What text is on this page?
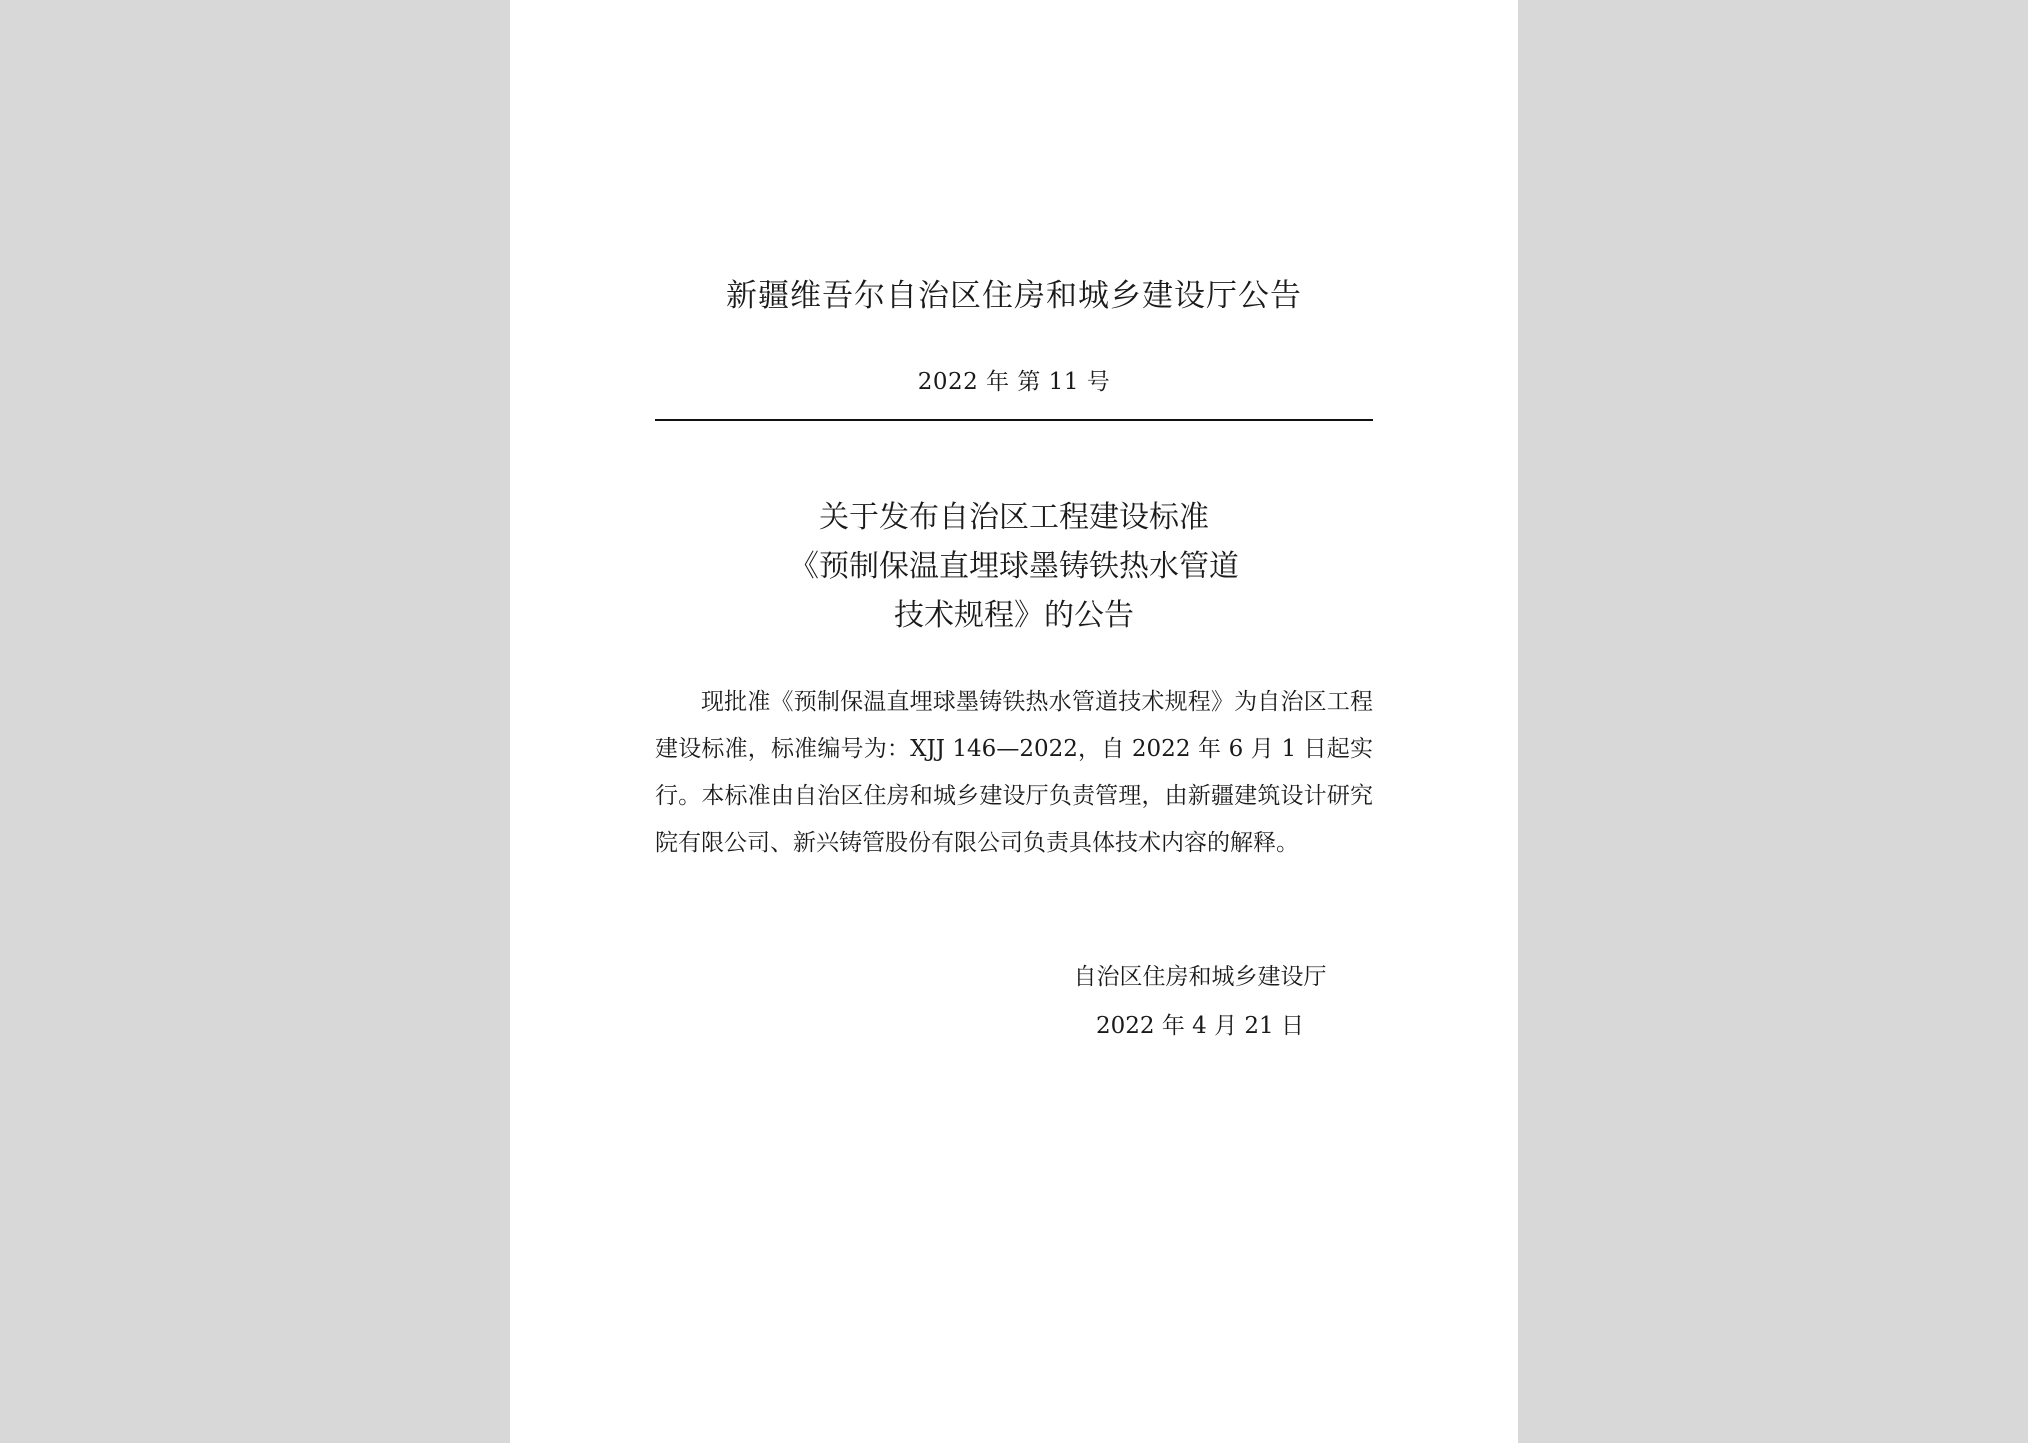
新疆维吾尔自治区住房和城乡建设厅公告
2022 年 第 11 号
关于发布自治区工程建设标准
《预制保温直埋球墨铸铁热水管道
技术规程》的公告

现批准《预制保温直埋球墨铸铁热水管道技术规程》为自治区工程建设标准，标准编号为：XJJ 146—2022，自 2022 年 6 月 1 日起实行。本标准由自治区住房和城乡建设厅负责管理，由新疆建筑设计研究院有限公司、新兴铸管股份有限公司负责具体技术内容的解释。

自治区住房和城乡建设厅
2022 年 4 月 21 日
